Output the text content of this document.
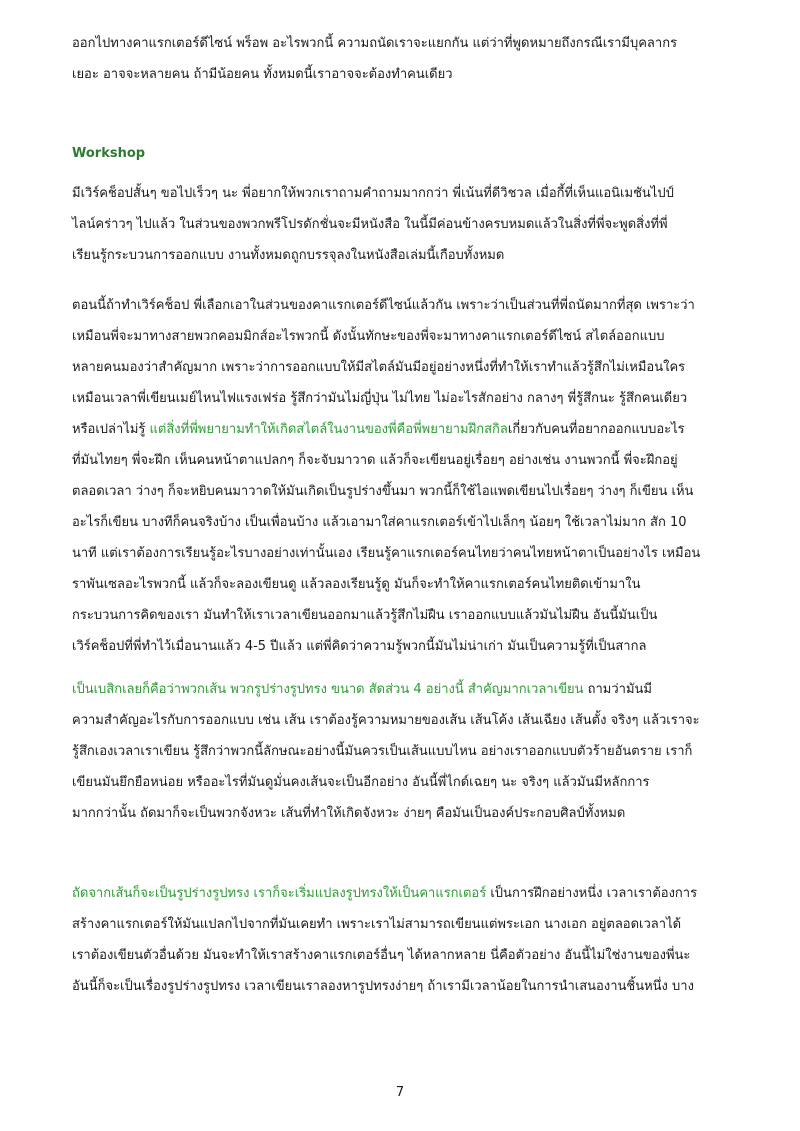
ออกไปทางคาแรกเตอร์ดีไซน์ พร็อพ อะไรพวกนี้ ความถนัดเราจะแยกกัน แต่ว่าที่พูดหมายถึงกรณีเรามีบุคลากร
เยอะ อาจจะหลายคน ถ้ามีน้อยคน ทั้งหมดนี้เราอาจจะต้องทำคนเดียว
Workshop
มีเวิร์คช็อปสั้นๆ ขอไปเร็วๆ นะ พี่อยากให้พวกเราถามคำถามมากกว่า พี่เน้นที่ดีวิชวล เมื่อกี้ที่เห็นแอนิเมชันไปป์
ไลน์คร่าวๆ ไปแล้ว ในส่วนของพวกพรีโปรดักชั่นจะมีหนังสือ ในนี้มีค่อนข้างครบหมดแล้วในสิ่งที่พี่จะพูดสิ่งที่พี่
เรียนรู้กระบวนการออกแบบ งานทั้งหมดถูกบรรจุลงในหนังสือเล่มนี้เกือบทั้งหมด
ตอนนี้ถ้าทำเวิร์คช็อป พี่เลือกเอาในส่วนของคาแรกเตอร์ดีไซน์แล้วกัน เพราะว่าเป็นส่วนที่พี่ถนัดมากที่สุด เพราะว่า
เหมือนพี่จะมาทางสายพวกคอมมิกส์อะไรพวกนี้ ดังนั้นทักษะของพี่จะมาทางคาแรกเตอร์ดีไซน์ สไตล์ออกแบบ
หลายคนมองว่าสำคัญมาก เพราะว่าการออกแบบให้มีสไตล์มันมีอยู่อย่างหนึ่งที่ทำให้เราทำแล้วรู้สึกไม่เหมือนใคร
เหมือนเวลาพี่เขียนเมย์ไหนไฟแรงเฟร่อ รู้สึกว่ามันไม่ญี่ปุ่น ไม่ไทย ไม่อะไรสักอย่าง กลางๆ พี่รู้สึกนะ รู้สึกคนเดียว
หรือเปล่าไม่รู้ แต่สิ่งที่พี่พยายามทำให้เกิดสไตล์ในงานของพี่คือพี่พยายามฝึกสกิลเกี่ยวกับคนที่อยากออกแบบอะไร
ที่มันไทยๆ พี่จะฝึก เห็นคนหน้าตาแปลกๆ ก็จะจับมาวาด แล้วก็จะเขียนอยู่เรื่อยๆ อย่างเช่น งานพวกนี้ พี่จะฝึกอยู่
ตลอดเวลา ว่างๆ ก็จะหยิบคนมาวาดให้มันเกิดเป็นรูปร่างขึ้นมา พวกนี้ก็ใช้ไอแพดเขียนไปเรื่อยๆ ว่างๆ ก็เขียน เห็น
อะไรก็เขียน บางทีก็คนจริงบ้าง เป็นเพื่อนบ้าง แล้วเอามาใส่คาแรกเตอร์เข้าไปเล็กๆ น้อยๆ ใช้เวลาไม่มาก สัก 10
นาที แต่เราต้องการเรียนรู้อะไรบางอย่างเท่านั้นเอง เรียนรู้คาแรกเตอร์คนไทยว่าคนไทยหน้าตาเป็นอย่างไร เหมือน
ราพันเซลอะไรพวกนี้ แล้วก็จะลองเขียนดู แล้วลองเรียนรู้ดู มันก็จะทำให้คาแรกเตอร์คนไทยติดเข้ามาใน
กระบวนการคิดของเรา มันทำให้เราเวลาเขียนออกมาแล้วรู้สึกไม่ฝืน เราออกแบบแล้วมันไม่ฝืน อันนี้มันเป็น
เวิร์คช็อปที่พี่ทำไว้เมื่อนานแล้ว 4-5 ปีแล้ว แต่พี่คิดว่าความรู้พวกนี้มันไม่น่าเก่า มันเป็นความรู้ที่เป็นสากล
เป็นเบสิกเลยก็คือว่าพวกเส้น พวกรูปร่างรูปทรง ขนาด สัดส่วน 4 อย่างนี้ สำคัญมากเวลาเขียน ถามว่ามันมี
ความสำคัญอะไรกับการออกแบบ เช่น เส้น เราต้องรู้ความหมายของเส้น เส้นโค้ง เส้นเฉียง เส้นตั้ง จริงๆ แล้วเราจะ
รู้สึกเองเวลาเราเขียน รู้สึกว่าพวกนี้ลักษณะอย่างนี้มันควรเป็นเส้นแบบไหน อย่างเราออกแบบตัวร้ายอันตราย เราก็
เขียนมันยึกยือหน่อย หรืออะไรที่มันดูมั่นคงเส้นจะเป็นอีกอย่าง อันนี้พี่ไกด์เฉยๆ นะ จริงๆ แล้วมันมีหลักการ
มากกว่านั้น ถัดมาก็จะเป็นพวกจังหวะ เส้นที่ทำให้เกิดจังหวะ ง่ายๆ คือมันเป็นองค์ประกอบศิลป์ทั้งหมด
ถัดจากเส้นก็จะเป็นรูปร่างรูปทรง เราก็จะเริ่มแปลงรูปทรงให้เป็นคาแรกเตอร์ เป็นการฝึกอย่างหนึ่ง เวลาเราต้องการ
สร้างคาแรกเตอร์ให้มันแปลกไปจากที่มันเคยทำ เพราะเราไม่สามารถเขียนแต่พระเอก นางเอก อยู่ตลอดเวลาได้
เราต้องเขียนตัวอื่นด้วย มันจะทำให้เราสร้างคาแรกเตอร์อื่นๆ ได้หลากหลาย นี่คือตัวอย่าง อันนี้ไม่ใช่งานของพี่นะ
อันนี้ก็จะเป็นเรื่องรูปร่างรูปทรง เวลาเขียนเราลองหารูปทรงง่ายๆ ถ้าเรามีเวลาน้อยในการนำเสนองานชิ้นหนึ่ง บาง
7
